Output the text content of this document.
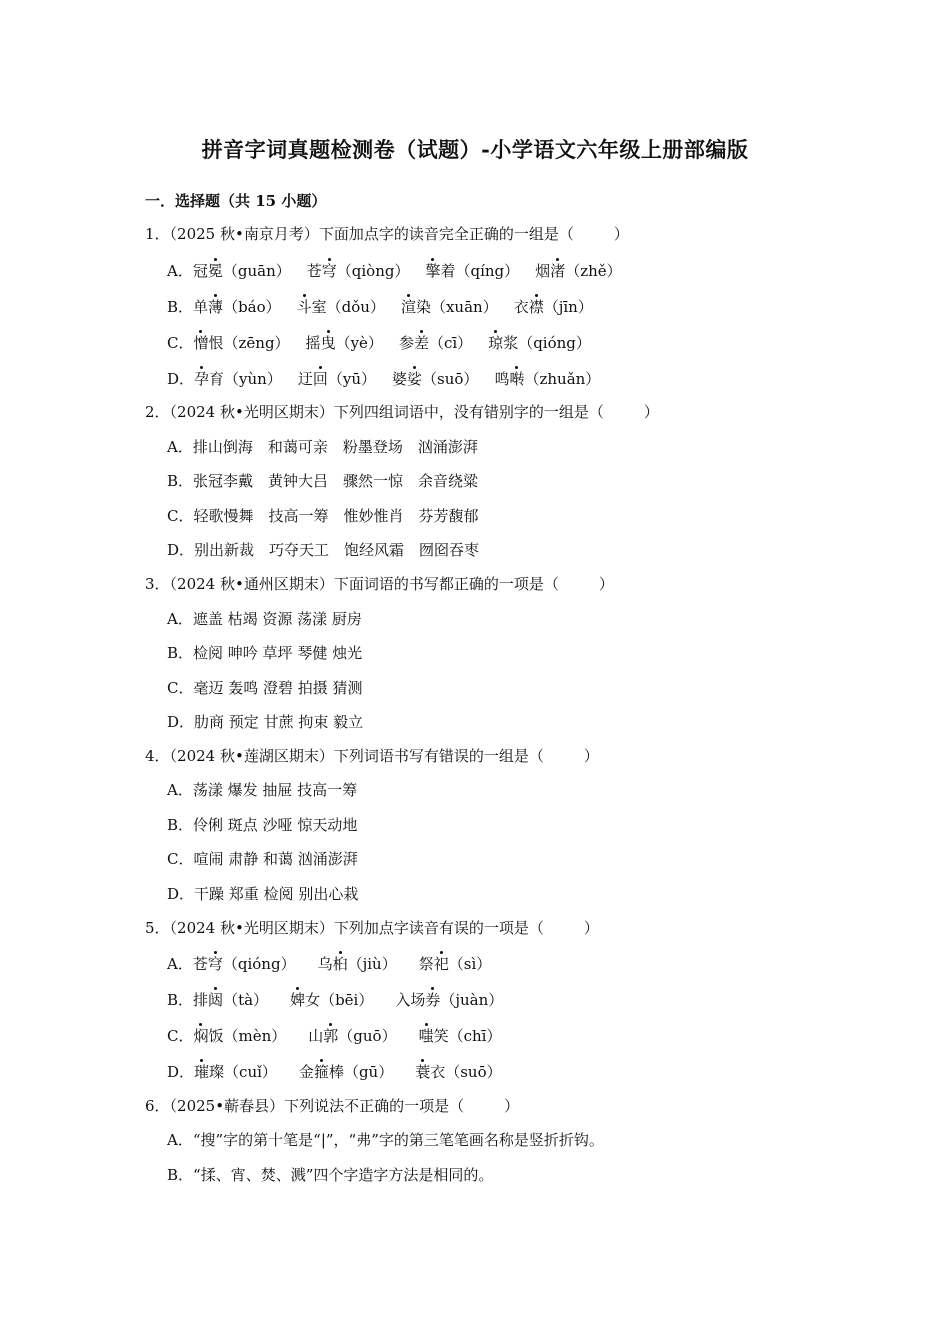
拼音字词真题检测卷（试题）-小学语文六年级上册部编版
一．选择题（共 15 小题）
1．（2025 秋•南京月考）下面加点字的读音完全正确的一组是（	）
A．冠冕（guān） 苍穹（qiòng） 擎着（qíng） 烟渚（zhě）
B．单薄（báo） 斗室（dǒu） 渲染（xuān） 衣襟（jīn）
C．憎恨（zēng） 摇曳（yè） 参差（cī） 琼浆（qióng）
D．孕育（yùn） 迂回（yū） 婆娑（suō） 鸣啭（zhuǎn）
2．（2024 秋•光明区期末）下列四组词语中，没有错别字的一组是（	）
A．排山倒海　和蔼可亲　粉墨登场　汹涌澎湃
B．张冠李戴　黄钟大吕　骤然一惊　余音绕粱
C．轻歌慢舞　技高一筹　惟妙惟肖　芬芳馥郁
D．别出新裁　巧夺天工　饱经风霜　囫囵吞枣
3．（2024 秋•通州区期末）下面词语的书写都正确的一项是（	）
A．遮盖 枯竭 资源 荡漾 厨房
B．检阅 呻吟 草坪 琴健 烛光
C．毫迈 轰鸣 澄碧 拍摄 猜测
D．肋商 预定 甘蔗 拘束 毅立
4．（2024 秋•莲湖区期末）下列词语书写有错误的一组是（	）
A．荡漾 爆发 抽屉 技高一筹
B．伶俐 斑点 沙哑 惊天动地
C．喧闹 肃静 和蔼 汹涌澎湃
D．干躁 郑重 检阅 别出心栽
5．（2024 秋•光明区期末）下列加点字读音有误的一项是（	）
A．苍穹（qióng） 乌桕（jiù） 祭祀（sì）
B．排闼（tà） 婢女（bēi） 入场券（juàn）
C．焖饭（mèn） 山郭（guō） 嗤笑（chī）
D．璀璨（cuǐ） 金箍棒（gū） 蓑衣（suō）
6．（2025•蕲春县）下列说法不正确的一项是（	）
A．“搜”字的第十笔是“|”，“弗”字的第三笔笔画名称是竖折折钩。
B．“揉、宵、焚、溅”四个字造字方法是相同的。
